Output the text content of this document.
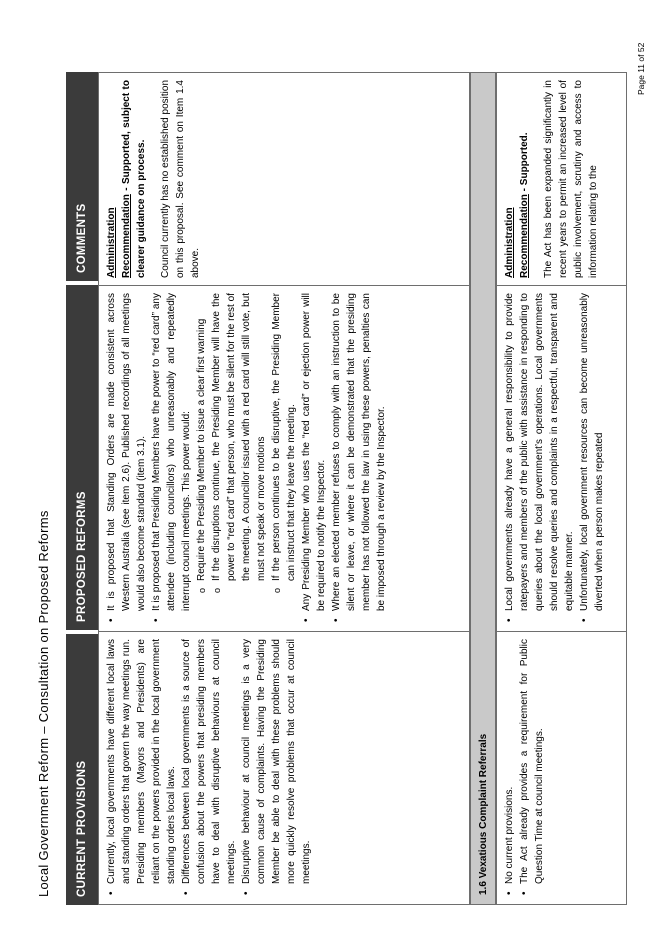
Local Government Reform – Consultation on Proposed Reforms	CURRENT PROVISIONS
PROPOSED REFORMS
COMMENTS
• Currently, local governments have different local laws and standing orders that govern the way meetings run. Presiding members (Mayors and Presidents) are reliant on the powers provided in the local government standing orders local laws. • Differences between local governments is a source of confusion about the powers that presiding members have to deal with disruptive behaviours at council meetings. • Disruptive behaviour at council meetings is a very common cause of complaints. Having the Presiding Member be able to deal with these problems should more quickly resolve problems that occur at council meetings.
• It is proposed that Standing Orders are made consistent across Western Australia (see item 2.6). Published recordings of all meetings would also become standard (item 3.1). • It is proposed that Presiding Members have the power to “red card” any attendee (including councillors) who unreasonably and repeatedly interrupt council meetings. This power would: o Require the Presiding Member to issue a clear first warning o If the disruptions continue, the Presiding Member will have the power to “red card” that person, who must be silent for the rest of the meeting. A councillor issued with a red card will still vote, but must not speak or move motions o If the person continues to be disruptive, the Presiding Member can instruct that they leave the meeting. • Any Presiding Member who uses the “red card” or ejection power will be required to notify the Inspector. • Where an elected member refuses to comply with an instruction to be silent or leave, or where it can be demonstrated that the presiding member has not followed the law in using these powers, penalties can be imposed through a review by the Inspector.

Administration Recommendation - Supported, subject to clearer guidance on process. Council currently has no established position on this proposal. See comment on Item 1.4 above.

1.6 Vexatious Complaint Referrals	• No current provisions. • The Act already provides a requirement for Public Question Time at council meetings.
• Local governments already have a general responsibility to provide ratepayers and members of the public with assistance in responding to queries about the local government’s operations. Local governments should resolve queries and complaints in a respectful, transparent and equitable manner. • Unfortunately, local government resources can become unreasonably diverted when a person makes repeated

Administration Recommendation - Supported. The Act has been expanded significantly in recent years to permit an increased level of public involvement, scrutiny and access to information relating to the

Page 11 of 52
